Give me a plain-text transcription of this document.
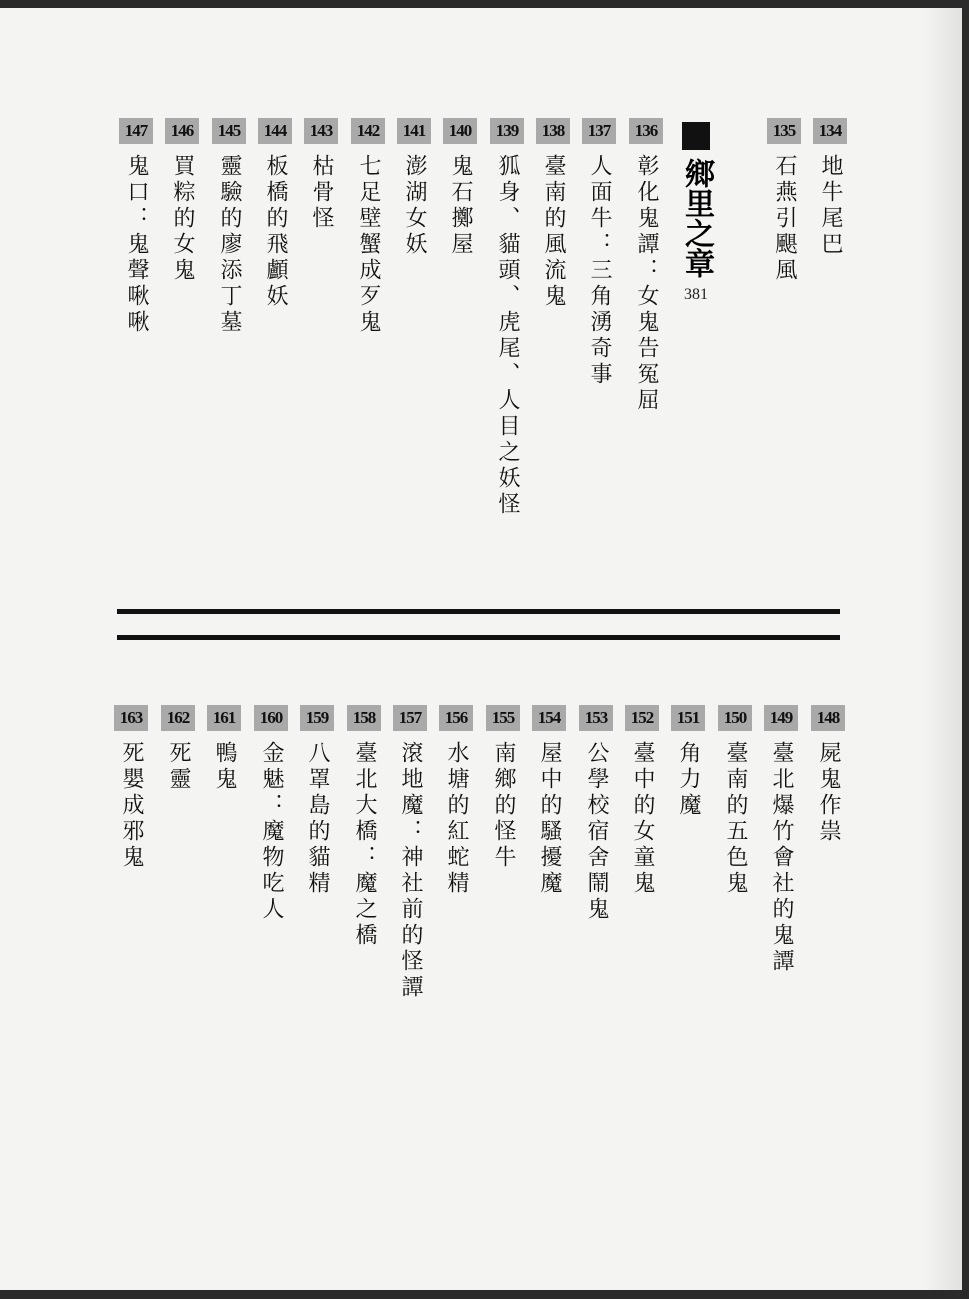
134
地牛尾巴
135
石燕引颶風
136
彰化鬼譚：女鬼告冤屈
137
人面牛：三角湧奇事
138
臺南的風流鬼
139
狐身、貓頭、虎尾、人目之妖怪
140
鬼石擲屋
141
澎湖女妖
142
七足壁蟹成歹鬼
143
枯骨怪
144
板橋的飛顱妖
145
靈驗的廖添丁墓
146
買粽的女鬼
147
鬼口：鬼聲啾啾	鄉里之章
381
148
屍鬼作祟
149
臺北爆竹會社的鬼譚
150
臺南的五色鬼
151
角力魔
152
臺中的女童鬼
153
公學校宿舍鬧鬼
154
屋中的騷擾魔
155
南鄉的怪牛
156
水塘的紅蛇精
157
滾地魔：神社前的怪譚
158
臺北大橋：魔之橋
159
八罩島的貓精
160
金魅：魔物吃人
161
鴨鬼
162
死靈
163
死嬰成邪鬼
